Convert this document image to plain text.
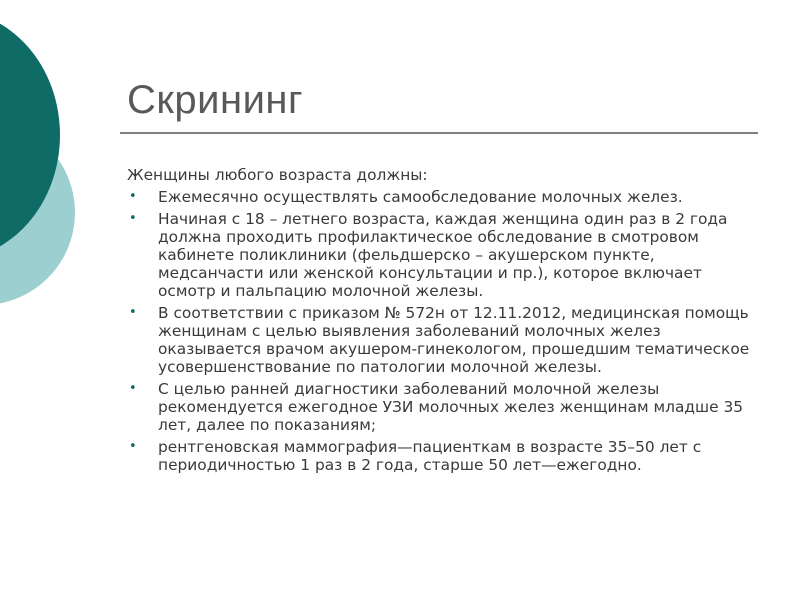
Скрининг

Женщины любого возраста должны:

• Ежемесячно осуществлять самообследование молочных желез.
• Начиная с 18 – летнего возраста, каждая женщина один раз в 2 года должна проходить профилактическое обследование в смотровом кабинете поликлиники (фельдшерско – акушерском пункте, медсанчасти или женской консультации и пр.), которое включает осмотр и пальпацию молочной железы.
• В соответствии с приказом № 572н от 12.11.2012, медицинская помощь женщинам с целью выявления заболеваний молочных желез оказывается врачом акушером-гинекологом, прошедшим тематическое усовершенствование по патологии молочной железы.
• С целью ранней диагностики заболеваний молочной железы рекомендуется ежегодное УЗИ молочных желез женщинам младше 35 лет, далее по показаниям;
• рентгеновская маммография—пациенткам в возрасте 35–50 лет с периодичностью 1 раз в 2 года, старше 50 лет—ежегодно.
